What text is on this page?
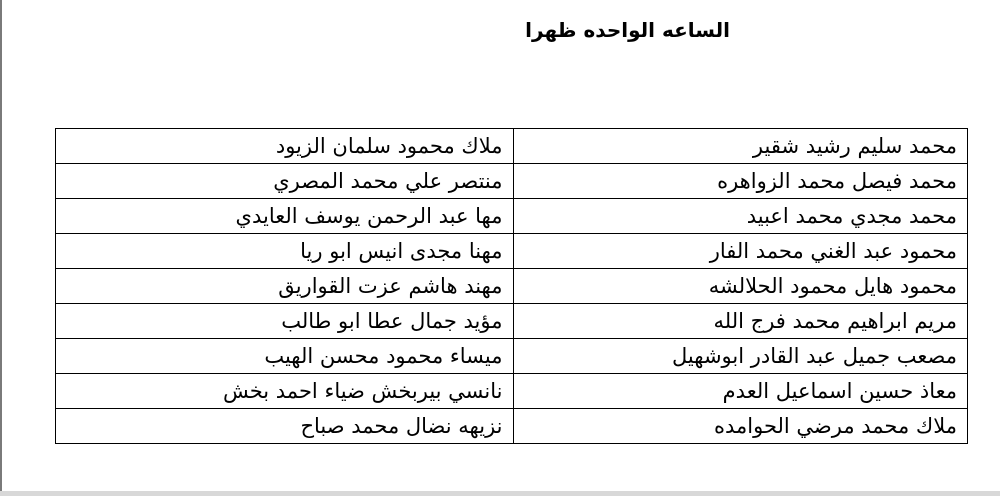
الساعه الواحده ظهرا
محمد سليم رشيد شقير	ملاك محمود سلمان الزيود
محمد فيصل محمد الزواهره	منتصر علي محمد المصري
محمد مجدي محمد اعبيد	مها عبد الرحمن يوسف العايدي
محمود عبد الغني محمد الفار	مهنا مجدى انيس ابو ريا
محمود هايل محمود الحلالشه	مهند هاشم عزت القواريق
مريم ابراهيم محمد فرج الله	مؤيد جمال عطا ابو طالب
مصعب جميل عبد القادر ابوشهيل	ميساء محمود محسن الهيب
معاذ حسين اسماعيل العدم	نانسي بيربخش ضياء احمد بخش
ملاك محمد مرضي الحوامده	نزيهه نضال محمد صباح
